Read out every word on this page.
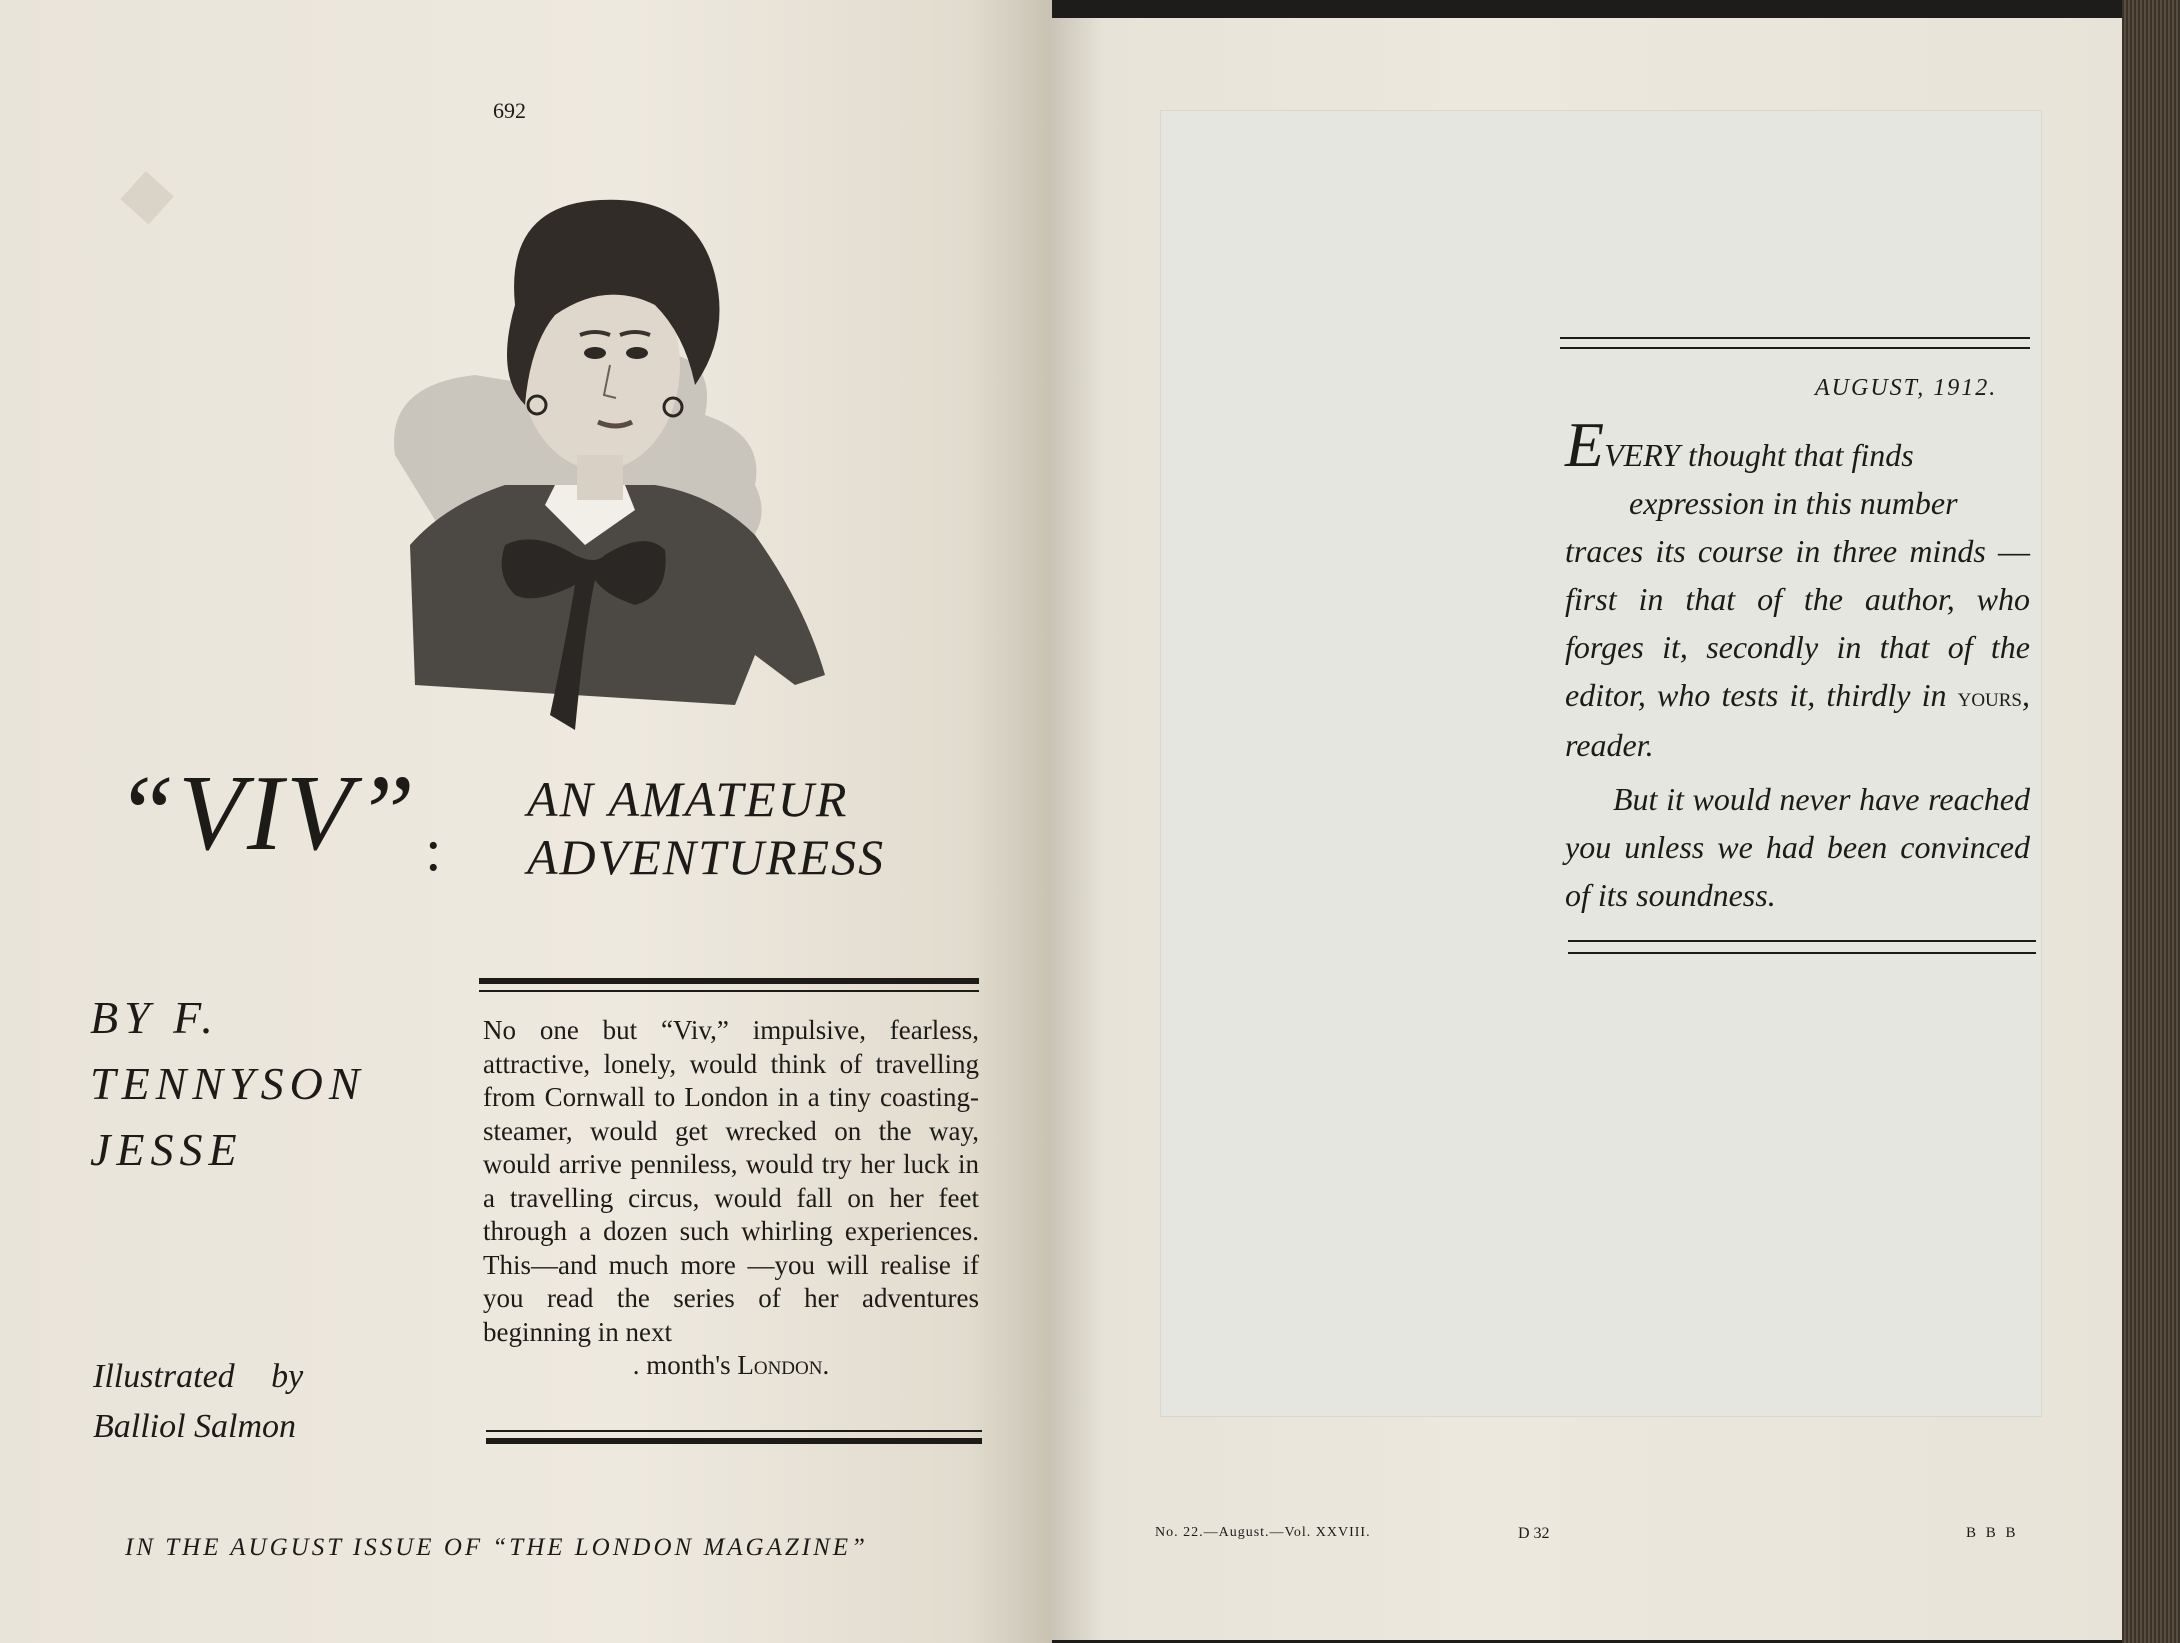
◆
692
“VIV” :
AN AMATEUR
ADVENTURESS
BY F.
TENNYSON
JESSE
No one but “Viv,” impulsive, fearless, attractive, lonely, would think of travelling from Cornwall to London in a tiny coasting-steamer, would get wrecked on the way, would arrive penniless, would try her luck in a travelling circus, would fall on her feet through a dozen such whirling experiences. This—and much more —you will realise if you read the series of her adventures beginning in next
. month's London.
Illustrated by
Balliol Salmon
IN THE AUGUST ISSUE OF “THE LONDON MAGAZINE”
AUGUST, 1912.

EVERY thought that finds

expression in this number

traces its course in three minds ––first in that of the author, who forges it, secondly in that of the editor, who tests it, thirdly in yours, reader.

But it would never have reached you unless we had been convinced of its soundness.

No. 22.—August.—Vol. XXVIII.	D 32	B B B
